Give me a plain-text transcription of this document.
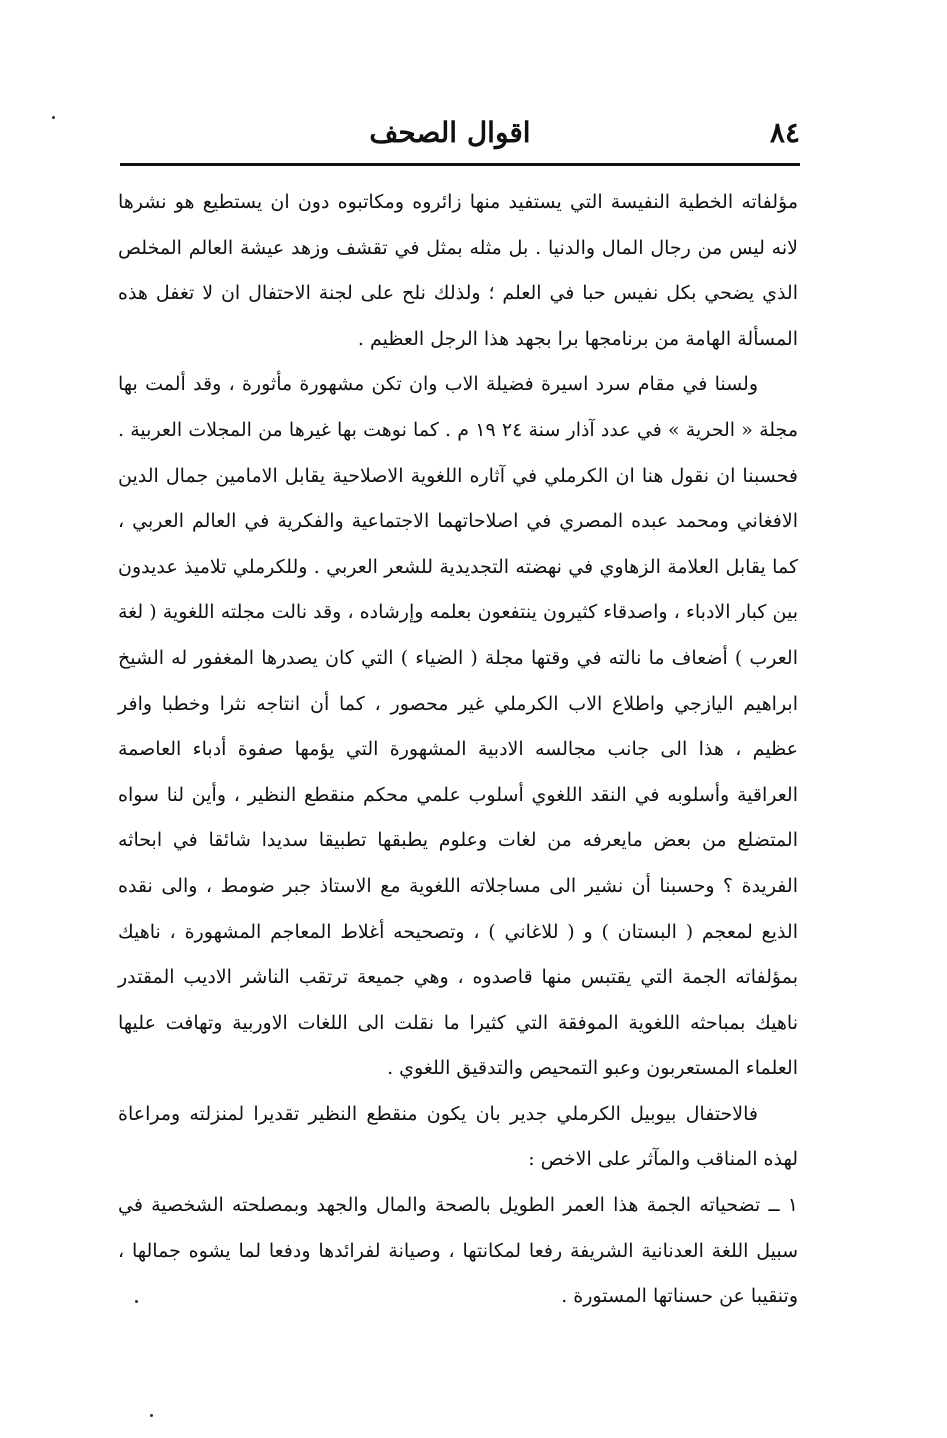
٨٤
اقوال الصحف

مؤلفاته الخطية النفيسة التي يستفيد منها زائروه ومكاتبوه دون ان يستطيع هو نشرها لانه ليس من رجال المال والدنيا . بل مثله بمثل في تقشف وزهد عيشة العالم المخلص الذي يضحي بكل نفيس حبا في العلم ؛ ولذلك نلح على لجنة الاحتفال ان لا تغفل هذه المسألة الهامة من برنامجها برا بجهد هذا الرجل العظيم .

ولسنا في مقام سرد اسيرة فضيلة الاب وان تكن مشهورة مأثورة ، وقد ألمت بها مجلة « الحرية » في عدد آذار سنة ٢٤ ١٩ م . كما نوهت بها غيرها من المجلات العربية . فحسبنا ان نقول هنا ان الكرملي في آثاره اللغوية الاصلاحية يقابل الامامين جمال الدين الافغاني ومحمد عبده المصري في اصلاحاتهما الاجتماعية والفكرية في العالم العربي ، كما يقابل العلامة الزهاوي في نهضته التجديدية للشعر العربي . وللكرملي تلاميذ عديدون بين كبار الادباء ، واصدقاء كثيرون ينتفعون بعلمه وإرشاده ، وقد نالت مجلته اللغوية ( لغة العرب ) أضعاف ما نالته في وقتها مجلة ( الضياء ) التي كان يصدرها المغفور له الشيخ ابراهيم اليازجي واطلاع الاب الكرملي غير محصور ، كما أن انتاجه نثرا وخطبا وافر عظيم ، هذا الى جانب مجالسه الادبية المشهورة التي يؤمها صفوة أدباء العاصمة العراقية وأسلوبه في النقد اللغوي أسلوب علمي محكم منقطع النظير ، وأين لنا سواه المتضلع من بعض مايعرفه من لغات وعلوم يطبقها تطبيقا سديدا شائقا في ابحاثه الفريدة ؟ وحسبنا أن نشير الى مساجلاته اللغوية مع الاستاذ جبر ضومط ، والى نقده الذيع لمعجم ( البستان ) و ( للاغاني ) ، وتصحيحه أغلاط المعاجم المشهورة ، ناهيك بمؤلفاته الجمة التي يقتبس منها قاصدوه ، وهي جميعة ترتقب الناشر الاديب المقتدر ناهيك بمباحثه اللغوية الموفقة التي كثيرا ما نقلت الى اللغات الاوربية وتهافت عليها العلماء المستعربون وعبو التمحيص والتدقيق اللغوي .

فالاحتفال بيوبيل الكرملي جدير بان يكون منقطع النظير تقديرا لمنزلته ومراعاة لهذه المناقب والمآثر على الاخص :

١ ــ تضحياته الجمة هذا العمر الطويل بالصحة والمال والجهد وبمصلحته الشخصية في سبيل اللغة العدنانية الشريفة رفعا لمكانتها ، وصيانة لفرائدها ودفعا لما يشوه جمالها ، وتنقيبا عن حسناتها المستورة .
